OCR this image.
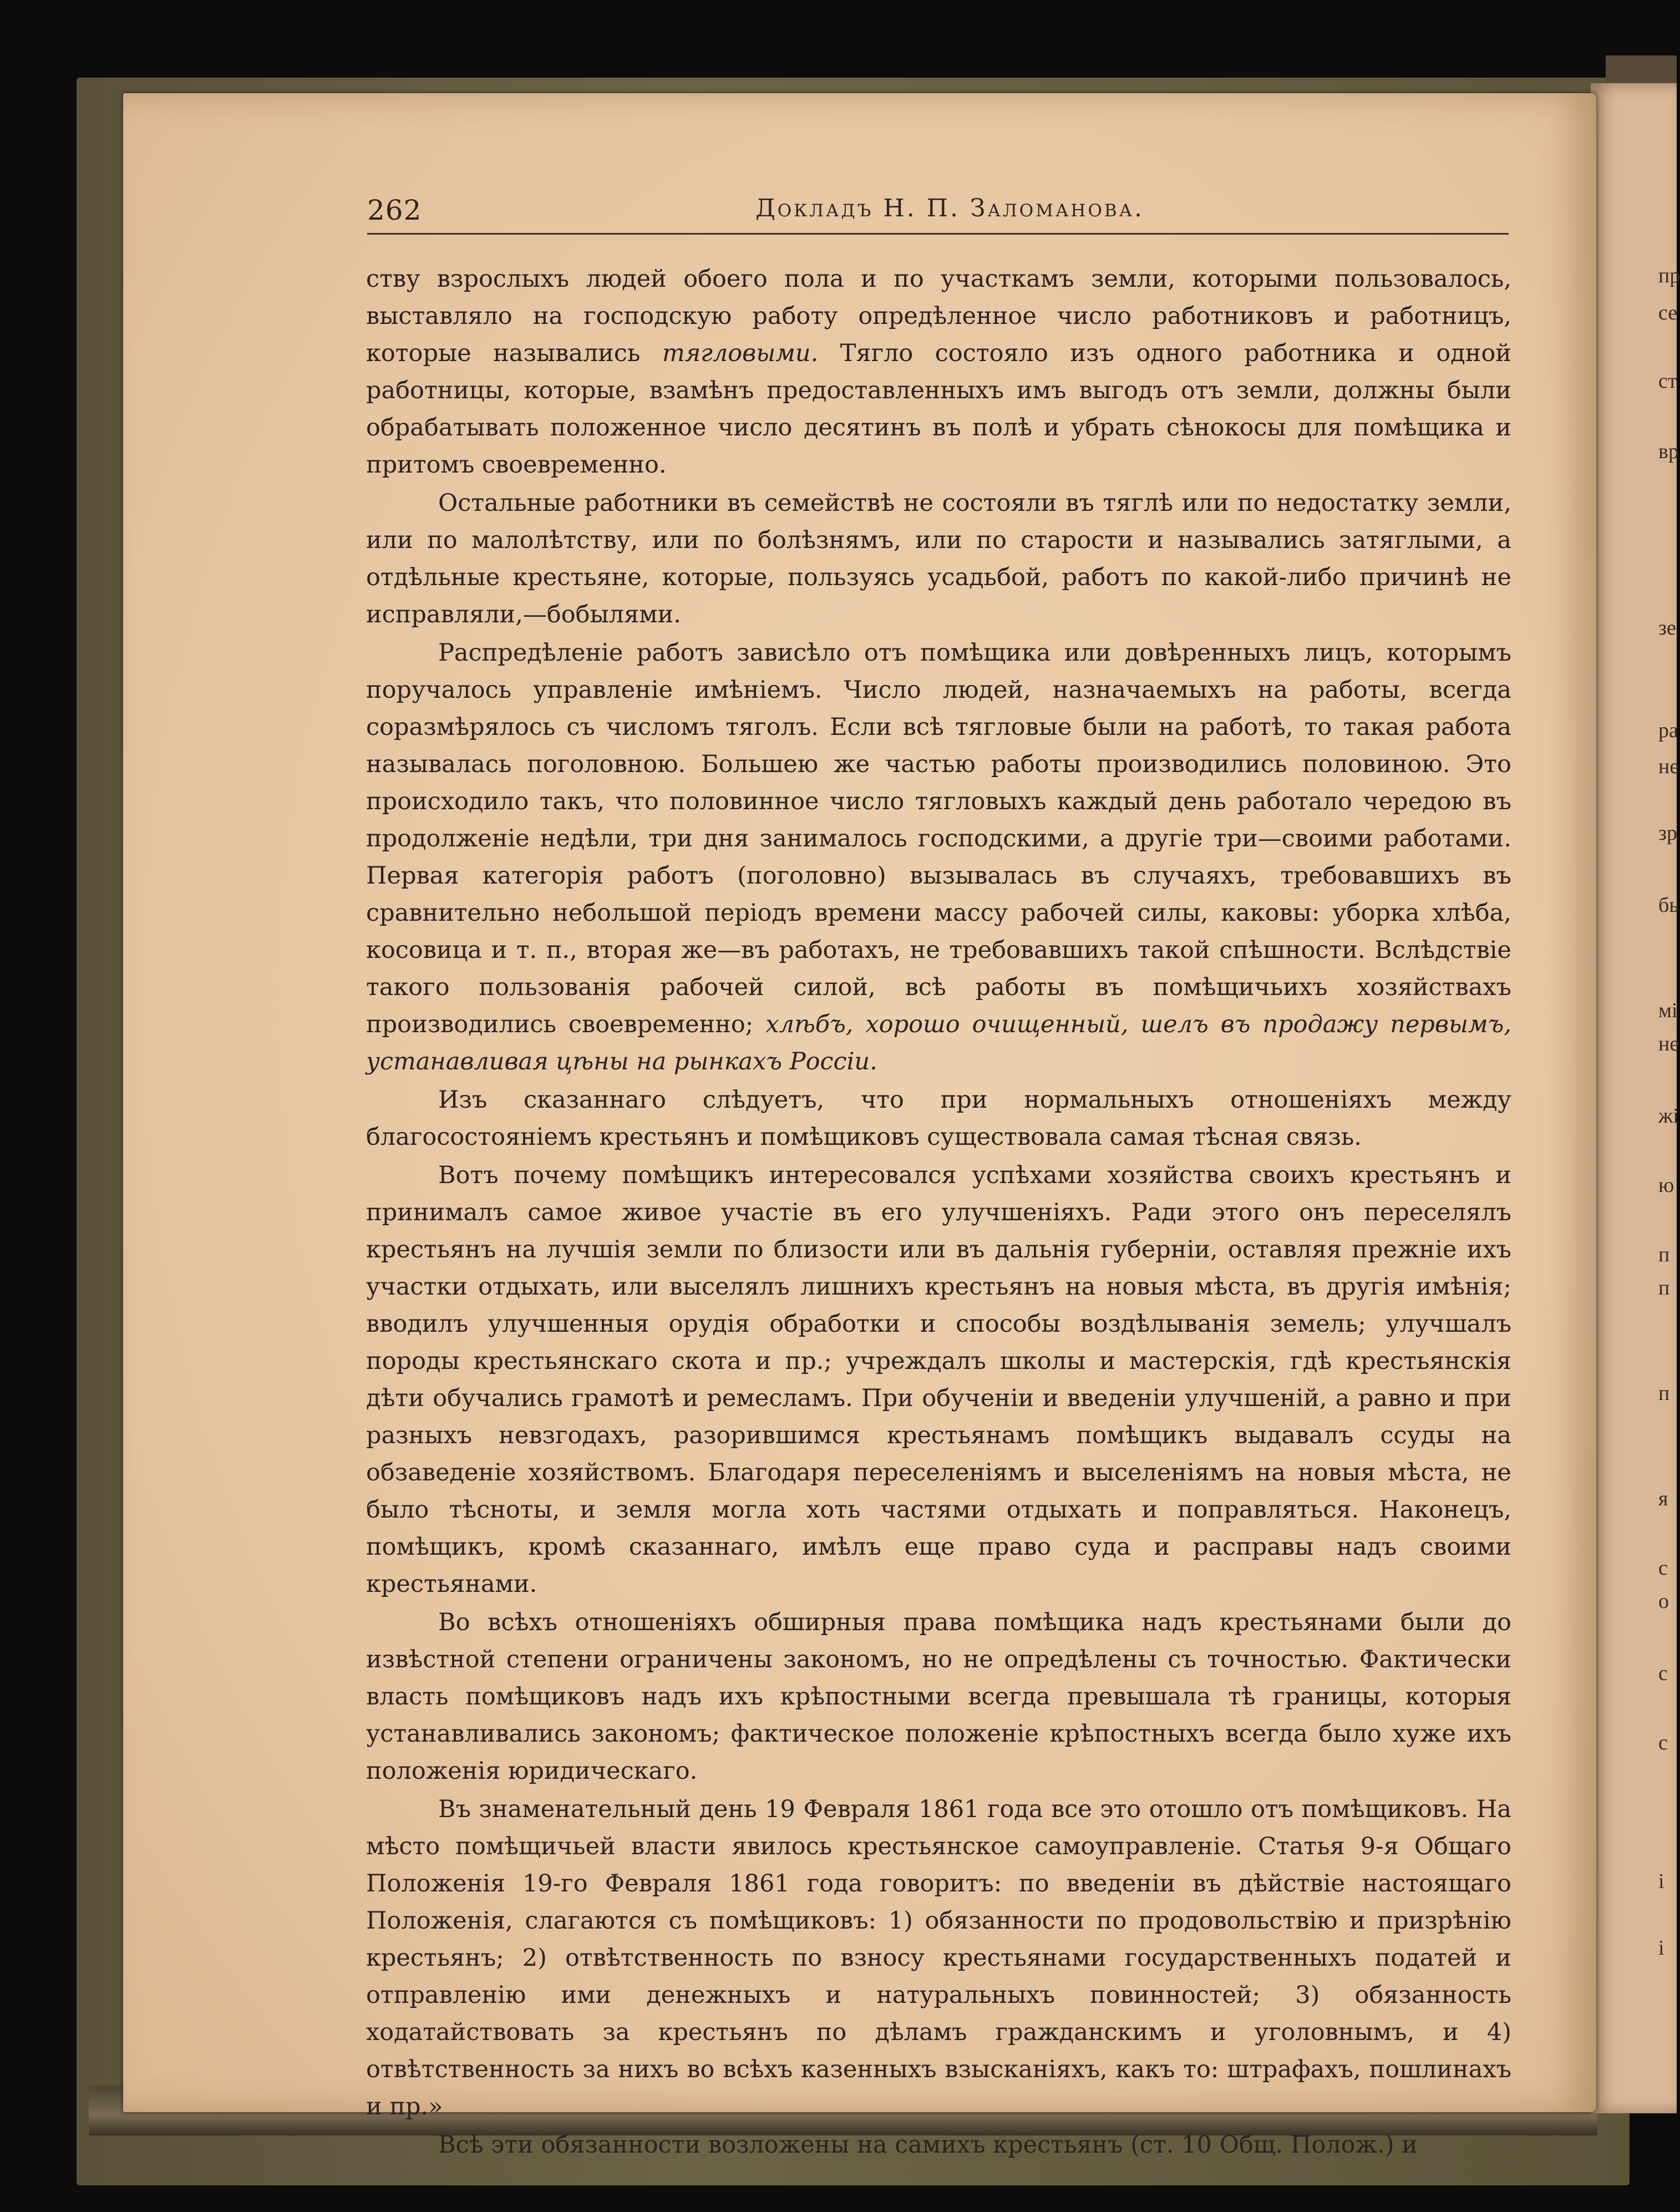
262	Докладъ Н. П. Заломанова.

ству взрослыхъ людей обоего пола и по участкамъ земли, которыми пользовалось, выставляло на господскую работу опредѣленное число работниковъ и работницъ, которые назывались тягловыми. Тягло состояло изъ одного работника и одной работницы, которые, взамѣнъ предоставленныхъ имъ выгодъ отъ земли, должны были обрабатывать положенное число десятинъ въ полѣ и убрать сѣнокосы для помѣщика и притомъ своевременно.

Остальные работники въ семействѣ не состояли въ тяглѣ или по недостатку земли, или по малолѣтству, или по болѣзнямъ, или по старости и назывались затяглыми, а отдѣльные крестьяне, которые, пользуясь усадьбой, работъ по какой-либо причинѣ не исправляли,—бобылями.

Распредѣленіе работъ зависѣло отъ помѣщика или довѣренныхъ лицъ, которымъ поручалось управленіе имѣніемъ. Число людей, назначаемыхъ на работы, всегда соразмѣрялось съ числомъ тяголъ. Если всѣ тягловые были на работѣ, то такая работа называлась поголовною. Большею же частью работы производились половиною. Это происходило такъ, что половинное число тягловыхъ каждый день работало чередою въ продолженіе недѣли, три дня занималось господскими, а другіе три—своими работами. Первая категорія работъ (поголовно) вызывалась въ случаяхъ, требовавшихъ въ сравнительно небольшой періодъ времени массу рабочей силы, каковы: уборка хлѣба, косовица и т. п., вторая же—въ работахъ, не требовавшихъ такой спѣшности. Вслѣдствіе такого пользованія рабочей силой, всѣ работы въ помѣщичьихъ хозяйствахъ производились своевременно; хлѣбъ, хорошо очищенный, шелъ въ продажу первымъ, устанавливая цѣны на рынкахъ Россіи.

Изъ сказаннаго слѣдуетъ, что при нормальныхъ отношеніяхъ между благосостояніемъ крестьянъ и помѣщиковъ существовала самая тѣсная связь.

Вотъ почему помѣщикъ интересовался успѣхами хозяйства своихъ крестьянъ и принималъ самое живое участіе въ его улучшеніяхъ. Ради этого онъ переселялъ крестьянъ на лучшія земли по близости или въ дальнія губерніи, оставляя прежніе ихъ участки отдыхать, или выселялъ лишнихъ крестьянъ на новыя мѣста, въ другія имѣнія; вводилъ улучшенныя орудія обработки и способы воздѣлыванія земель; улучшалъ породы крестьянскаго скота и пр.; учреждалъ школы и мастерскія, гдѣ крестьянскія дѣти обучались грамотѣ и ремесламъ. При обученіи и введеніи улучшеній, а равно и при разныхъ невзгодахъ, разорившимся крестьянамъ помѣщикъ выдавалъ ссуды на обзаведеніе хозяйствомъ. Благодаря переселеніямъ и выселеніямъ на новыя мѣста, не было тѣсноты, и земля могла хоть частями отдыхать и поправляться. Наконецъ, помѣщикъ, кромѣ сказаннаго, имѣлъ еще право суда и расправы надъ своими крестьянами.

Во всѣхъ отношеніяхъ обширныя права помѣщика надъ крестьянами были до извѣстной степени ограничены закономъ, но не опредѣлены съ точностью. Фактически власть помѣщиковъ надъ ихъ крѣпостными всегда превышала тѣ границы, которыя устанавливались закономъ; фактическое положеніе крѣпостныхъ всегда было хуже ихъ положенія юридическаго.

Въ знаменательный день 19 Февраля 1861 года все это отошло отъ помѣщиковъ. На мѣсто помѣщичьей власти явилось крестьянское самоуправленіе. Статья 9-я Общаго Положенія 19-го Февраля 1861 года говоритъ: по введеніи въ дѣйствіе настоящаго Положенія, слагаются съ помѣщиковъ: 1) обязанности по продовольствію и призрѣнію крестьянъ; 2) отвѣтственность по взносу крестьянами государственныхъ податей и отправленію ими денежныхъ и натуральныхъ повинностей; 3) обязанность ходатайствовать за крестьянъ по дѣламъ гражданскимъ и уголовнымъ, и 4) отвѣтственность за нихъ во всѣхъ казенныхъ взысканіяхъ, какъ то: штрафахъ, пошлинахъ и пр.»

Всѣ эти обязанности возложены на самихъ крестьянъ (ст. 10 Общ. Полож.) и

пр
се
ст
вр
зе
ра
не
зр
бь
мі
не
жі
ю
п
п
п
я
с
о
с
с
і
і
